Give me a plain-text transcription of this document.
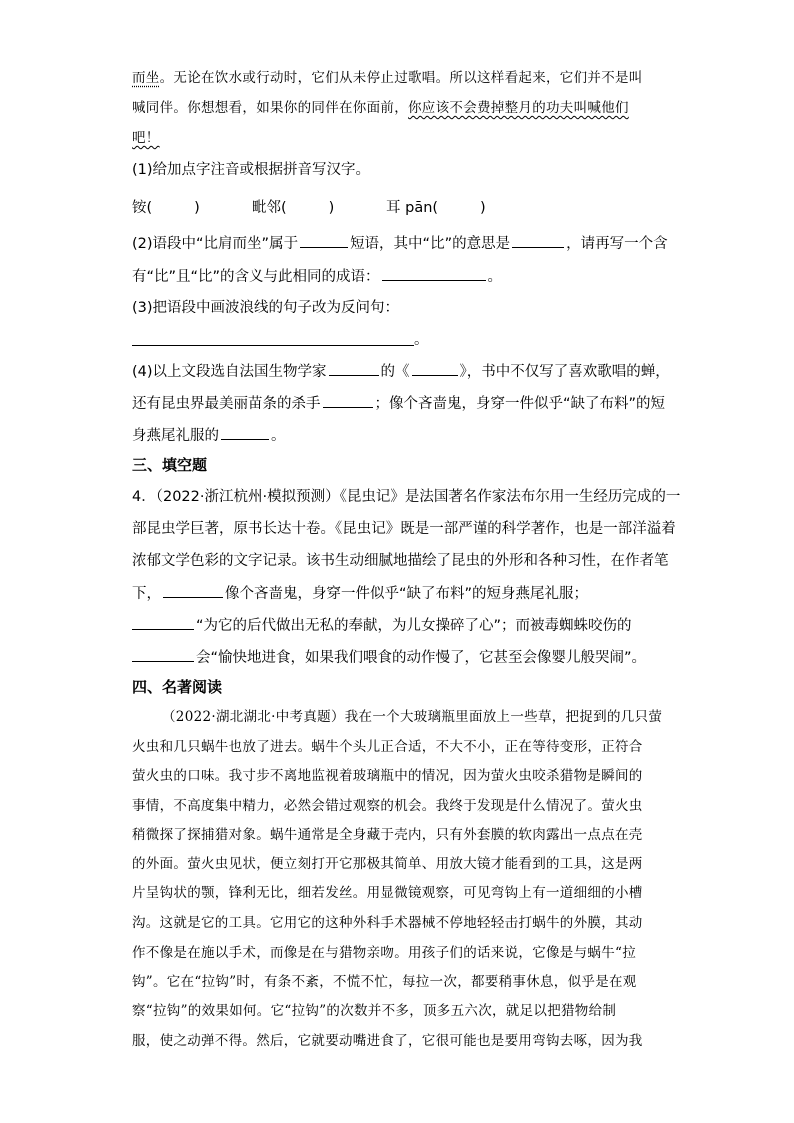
而坐。无论在饮水或行动时，它们从未停止过歌唱。所以这样看起来，它们并不是叫
喊同伴。你想想看，如果你的同伴在你面前，你应该不会费掉整月的功夫叫喊他们
吧！
(1)给加点字注音或根据拼音写汉字。
铵(	)	毗邻(	)	耳 pān(	)
(2)语段中“比肩而坐”属于	短语，其中“比”的意思是	，请再写一个含
有“比”且“比”的含义与此相同的成语：	。
(3)把语段中画波浪线的句子改为反问句：
。
(4)以上文段选自法国生物学家	的《	》，书中不仅写了喜欢歌唱的蝉，
还有昆虫界最美丽苗条的杀手	；像个吝啬鬼，身穿一件似乎“缺了布料”的短
身燕尾礼服的	。
三、填空题
4．（2022·浙江杭州·模拟预测）《昆虫记》是法国著名作家法布尔用一生经历完成的一
部昆虫学巨著，原书长达十卷。《昆虫记》既是一部严谨的科学著作，也是一部洋溢着
浓郁文学色彩的文字记录。该书生动细腻地描绘了昆虫的外形和各种习性，在作者笔
下，	像个吝啬鬼，身穿一件似乎“缺了布料”的短身燕尾礼服；
“为它的后代做出无私的奉献，为儿女操碎了心”；而被毒蜘蛛咬伤的
会“愉快地进食，如果我们喂食的动作慢了，它甚至会像婴儿般哭闹”。
四、名著阅读
（2022·湖北湖北·中考真题）我在一个大玻璃瓶里面放上一些草，把捉到的几只萤
火虫和几只蜗牛也放了进去。蜗牛个头儿正合适，不大不小，正在等待变形，正符合
萤火虫的口味。我寸步不离地监视着玻璃瓶中的情况，因为萤火虫咬杀猎物是瞬间的
事情，不高度集中精力，必然会错过观察的机会。我终于发现是什么情况了。萤火虫
稍微探了探捕猎对象。蜗牛通常是全身藏于壳内，只有外套膜的软肉露出一点点在壳
的外面。萤火虫见状，便立刻打开它那极其简单、用放大镜才能看到的工具，这是两
片呈钩状的颚，锋利无比，细若发丝。用显微镜观察，可见弯钩上有一道细细的小槽
沟。这就是它的工具。它用它的这种外科手术器械不停地轻轻击打蜗牛的外膜，其动
作不像是在施以手术，而像是在与猎物亲吻。用孩子们的话来说，它像是与蜗牛“拉
钩”。它在“拉钩”时，有条不紊，不慌不忙，每拉一次，都要稍事休息，似乎是在观
察“拉钩”的效果如何。它“拉钩”的次数并不多，顶多五六次，就足以把猎物给制
服，使之动弹不得。然后，它就要动嘴进食了，它很可能也是要用弯钩去啄，因为我
